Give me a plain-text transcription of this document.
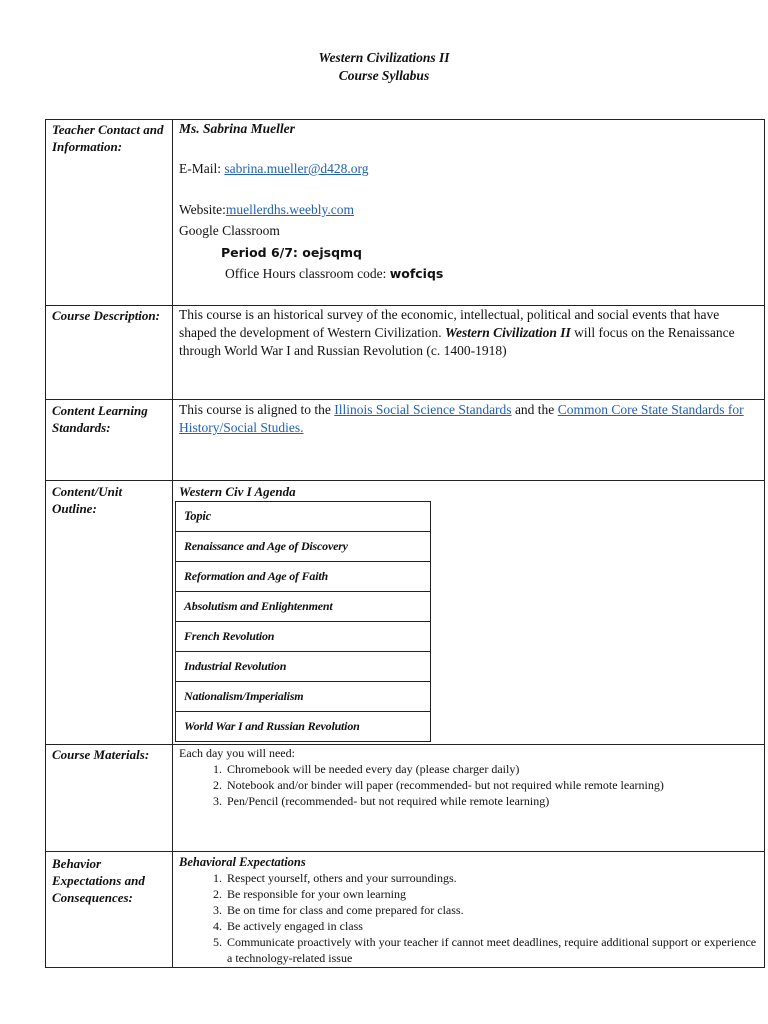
Western Civilizations II
Course Syllabus
Teacher Contact and Information:
Ms. Sabrina Mueller
E-Mail: sabrina.mueller@d428.org
Website:muellerdhs.weebly.com
Google Classroom
Period 6/7: oejsqmq
Office Hours classroom code: wofciqs
Course Description:	This course is an historical survey of the economic, intellectual, political and social events that have shaped the development of Western Civilization. Western Civilization II will focus on the Renaissance through World War I and Russian Revolution (c. 1400-1918)
Content Learning Standards:
This course is aligned to the Illinois Social Science Standards and the Common Core State Standards for History/Social Studies.
Content/Unit Outline:
Western Civ I Agenda
Topic
Renaissance and Age of Discovery
Reformation and Age of Faith
Absolutism and Enlightenment
French Revolution
Industrial Revolution
Nationalism/Imperialism
World War I and Russian Revolution
Course Materials:	Each day you will need:
1. Chromebook will be needed every day (please charger daily)
2. Notebook and/or binder will paper (recommended- but not required while remote learning)
3. Pen/Pencil (recommended- but not required while remote learning)
Behavior Expectations and Consequences:
Behavioral Expectations
1. Respect yourself, others and your surroundings.
2. Be responsible for your own learning
3. Be on time for class and come prepared for class.
4. Be actively engaged in class
5. Communicate proactively with your teacher if cannot meet deadlines, require additional support or experience a technology-related issue
